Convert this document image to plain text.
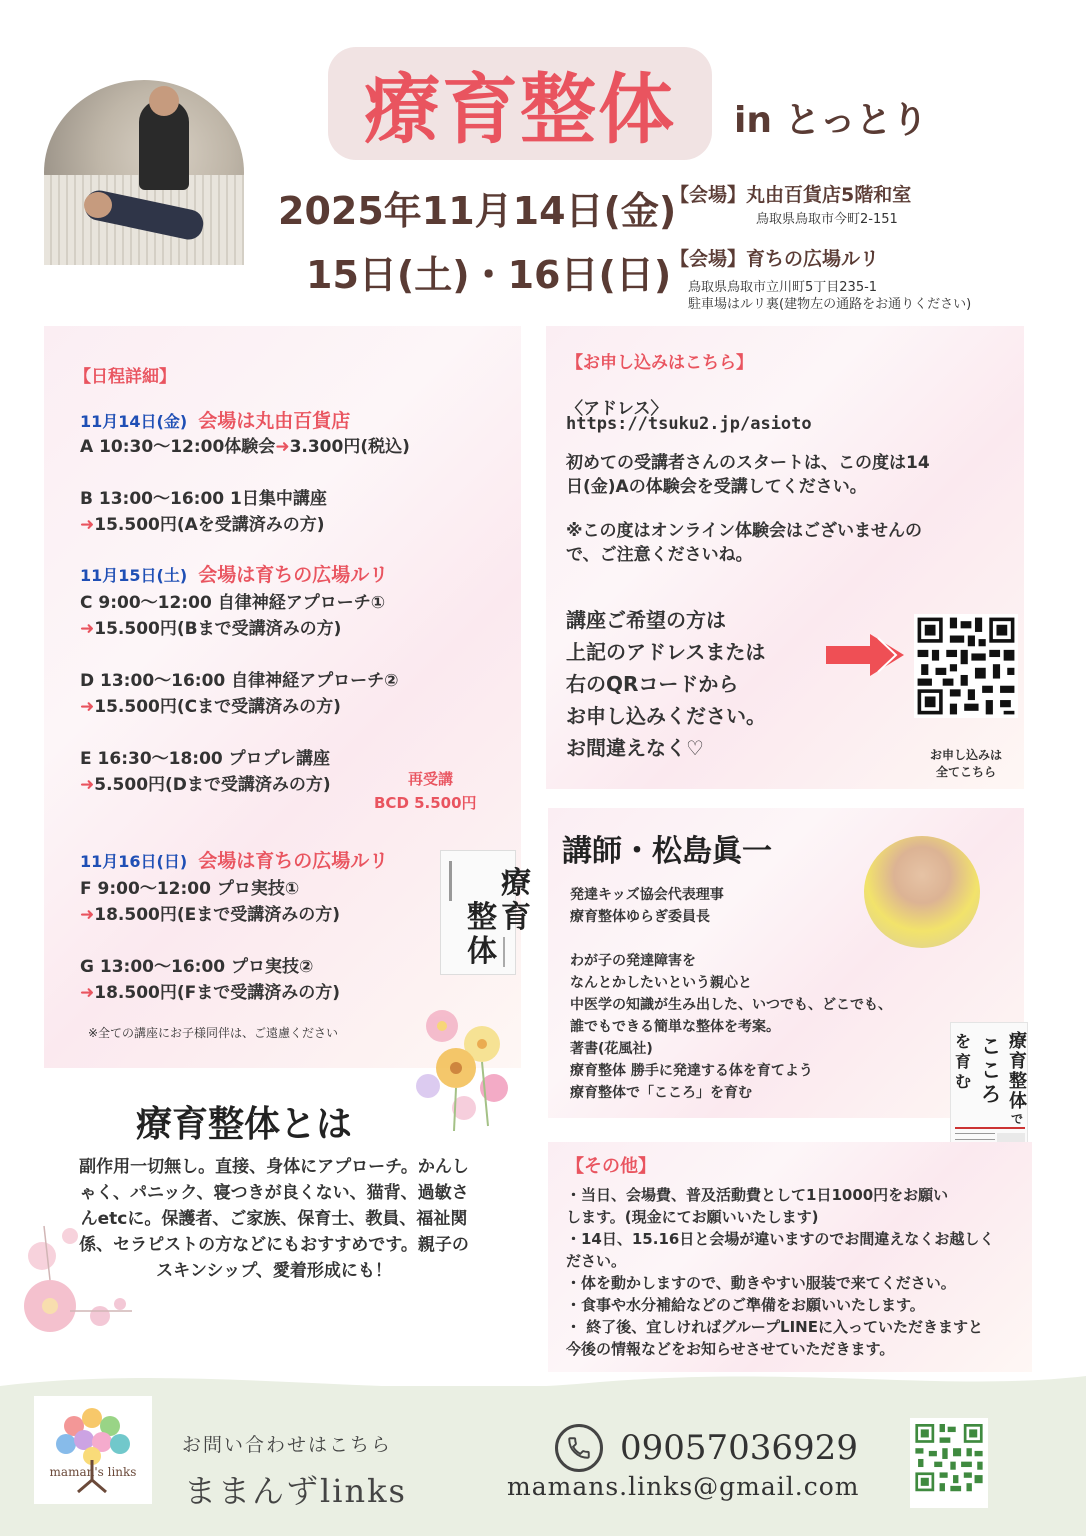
療育整体 in とっとり
2025年11月14日(金)
15日(土)・16日(日)
【会場】丸由百貨店5階和室
鳥取県鳥取市今町2-151
【会場】育ちの広場ルリ
鳥取県鳥取市立川町5丁目235-1
駐車場はルリ裏(建物左の通路をお通りください)
【日程詳細】
11月14日(金) 会場は丸由百貨店
A 10:30〜12:00体験会➜3.300円(税込)
B 13:00〜16:00 1日集中講座
➜15.500円(Aを受講済みの方)
11月15日(土) 会場は育ちの広場ルリ
C 9:00〜12:00 自律神経アプローチ①
➜15.500円(Bまで受講済みの方)
D 13:00〜16:00 自律神経アプローチ②
➜15.500円(Cまで受講済みの方)
E 16:30〜18:00 プロプレ講座
➜5.500円(Dまで受講済みの方)	再受講
BCD 5.500円
11月16日(日) 会場は育ちの広場ルリ
F 9:00〜12:00 プロ実技①
➜18.500円(Eまで受講済みの方)
G 13:00〜16:00 プロ実技②
➜18.500円(Fまで受講済みの方)
※全ての講座にお子様同伴は、ご遠慮ください
療
育
整
体
療育整体とは
副作用一切無し。直接、身体にアプローチ。かんしゃく、パニック、寝つきが良くない、猫背、過敏さんetcに。保護者、ご家族、保育士、教員、福祉関係、セラピストの方などにもおすすめです。親子のスキンシップ、愛着形成にも！
【お申し込みはこちら】
〈アドレス〉
https://tsuku2.jp/asioto
初めての受講者さんのスタートは、この度は14
日(金)Aの体験会を受講してください。
※この度はオンライン体験会はございませんの
で、ご注意くださいね。
講座ご希望の方は
上記のアドレスまたは
右のQRコードから
お申し込みください。
お間違えなく♡	お申し込みは
全てこちら
講師・松島眞一
発達キッズ協会代表理事
療育整体ゆらぎ委員長
わが子の発達障害を
なんとかしたいという親心と
中医学の知識が生み出した、いつでも、どこでも、
誰でもできる簡単な整体を考案。
著書(花風社)
療育整体 勝手に発達する体を育てよう
療育整体で「こころ」を育む
療
育
整
体
で
こ
こ
ろ
を
育
む
【その他】
・当日、会場費、普及活動費として1日1000円をお願い
します。(現金にてお願いいたします)
・14日、15.16日と会場が違いますのでお間違えなくお越しく
ださい。
・体を動かしますので、動きやすい服装で来てください。
・食事や水分補給などのご準備をお願いいたします。
・ 終了後、宜しければグループLINEに入っていただきますと
今後の情報などをお知らせさせていただきます。
maman's links
お問い合わせはこちら
ままんずlinks
09057036929
mamans.links@gmail.com
